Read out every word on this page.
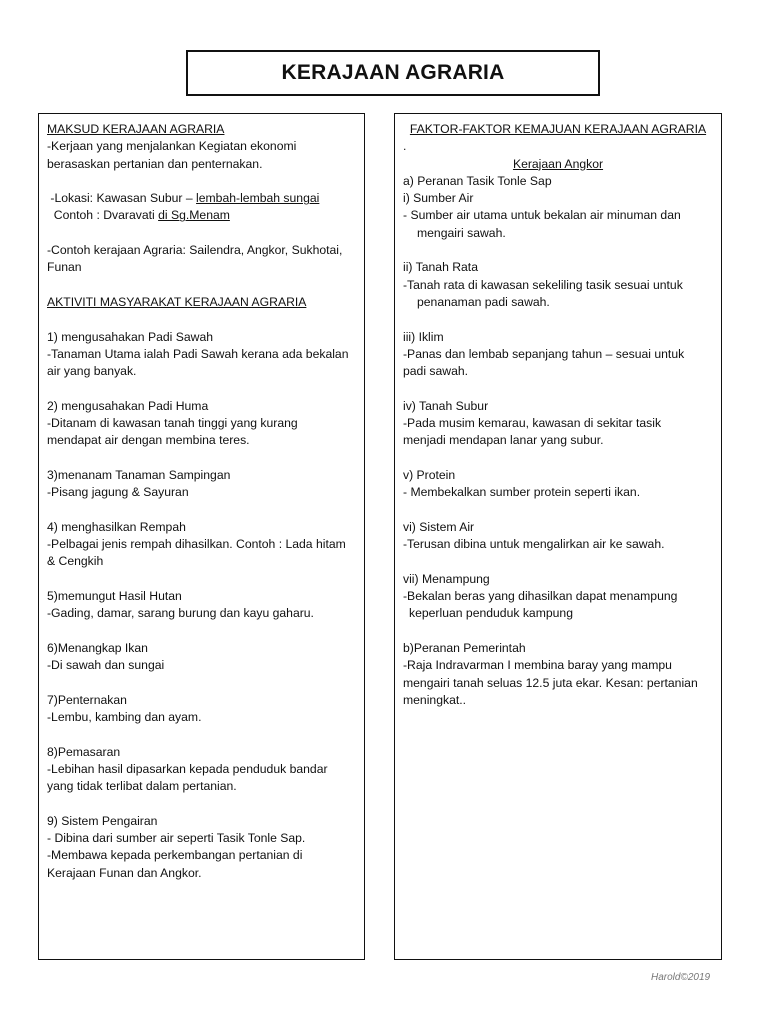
KERAJAAN AGRARIA
MAKSUD KERAJAAN AGRARIA
-Kerjaan yang menjalankan Kegiatan ekonomi
berasaskan pertanian dan penternakan.
-Lokasi: Kawasan Subur – lembah-lembah sungai
Contoh : Dvaravati di Sg.Menam
-Contoh kerajaan Agraria: Sailendra, Angkor, Sukhotai,
Funan
AKTIVITI MASYARAKAT KERAJAAN AGRARIA
1) mengusahakan Padi Sawah
-Tanaman Utama ialah Padi Sawah kerana ada bekalan
air yang banyak.
2) mengusahakan Padi Huma
-Ditanam di kawasan tanah tinggi yang kurang
mendapat air dengan membina teres.
3)menanam Tanaman Sampingan
-Pisang jagung & Sayuran
4) menghasilkan Rempah
-Pelbagai jenis rempah dihasilkan. Contoh : Lada hitam
& Cengkih
5)memungut Hasil Hutan
-Gading, damar, sarang burung dan kayu gaharu.
6)Menangkap Ikan
-Di sawah dan sungai
7)Penternakan
-Lembu, kambing dan ayam.
8)Pemasaran
-Lebihan hasil dipasarkan kepada penduduk bandar
yang tidak terlibat dalam pertanian.
9) Sistem Pengairan
- Dibina dari sumber air seperti Tasik Tonle Sap.
-Membawa kepada perkembangan pertanian di
Kerajaan Funan dan Angkor.
FAKTOR-FAKTOR KEMAJUAN KERAJAAN AGRARIA
.
Kerajaan Angkor
a) Peranan Tasik Tonle Sap
i) Sumber Air
- Sumber air utama untuk bekalan air minuman dan
mengairi sawah.
ii) Tanah Rata
-Tanah rata di kawasan sekeliling tasik sesuai untuk
penanaman padi sawah.
iii) Iklim
-Panas dan lembab sepanjang tahun – sesuai untuk
padi sawah.
iv) Tanah Subur
-Pada musim kemarau, kawasan di sekitar tasik
menjadi mendapan lanar yang subur.
v) Protein
- Membekalkan sumber protein seperti ikan.
vi) Sistem Air
-Terusan dibina untuk mengalirkan air ke sawah.
vii) Menampung
-Bekalan beras yang dihasilkan dapat menampung
keperluan penduduk kampung
b)Peranan Pemerintah
-Raja Indravarman I membina baray yang mampu
mengairi tanah seluas 12.5 juta ekar. Kesan: pertanian
meningkat..
Harold©2019
